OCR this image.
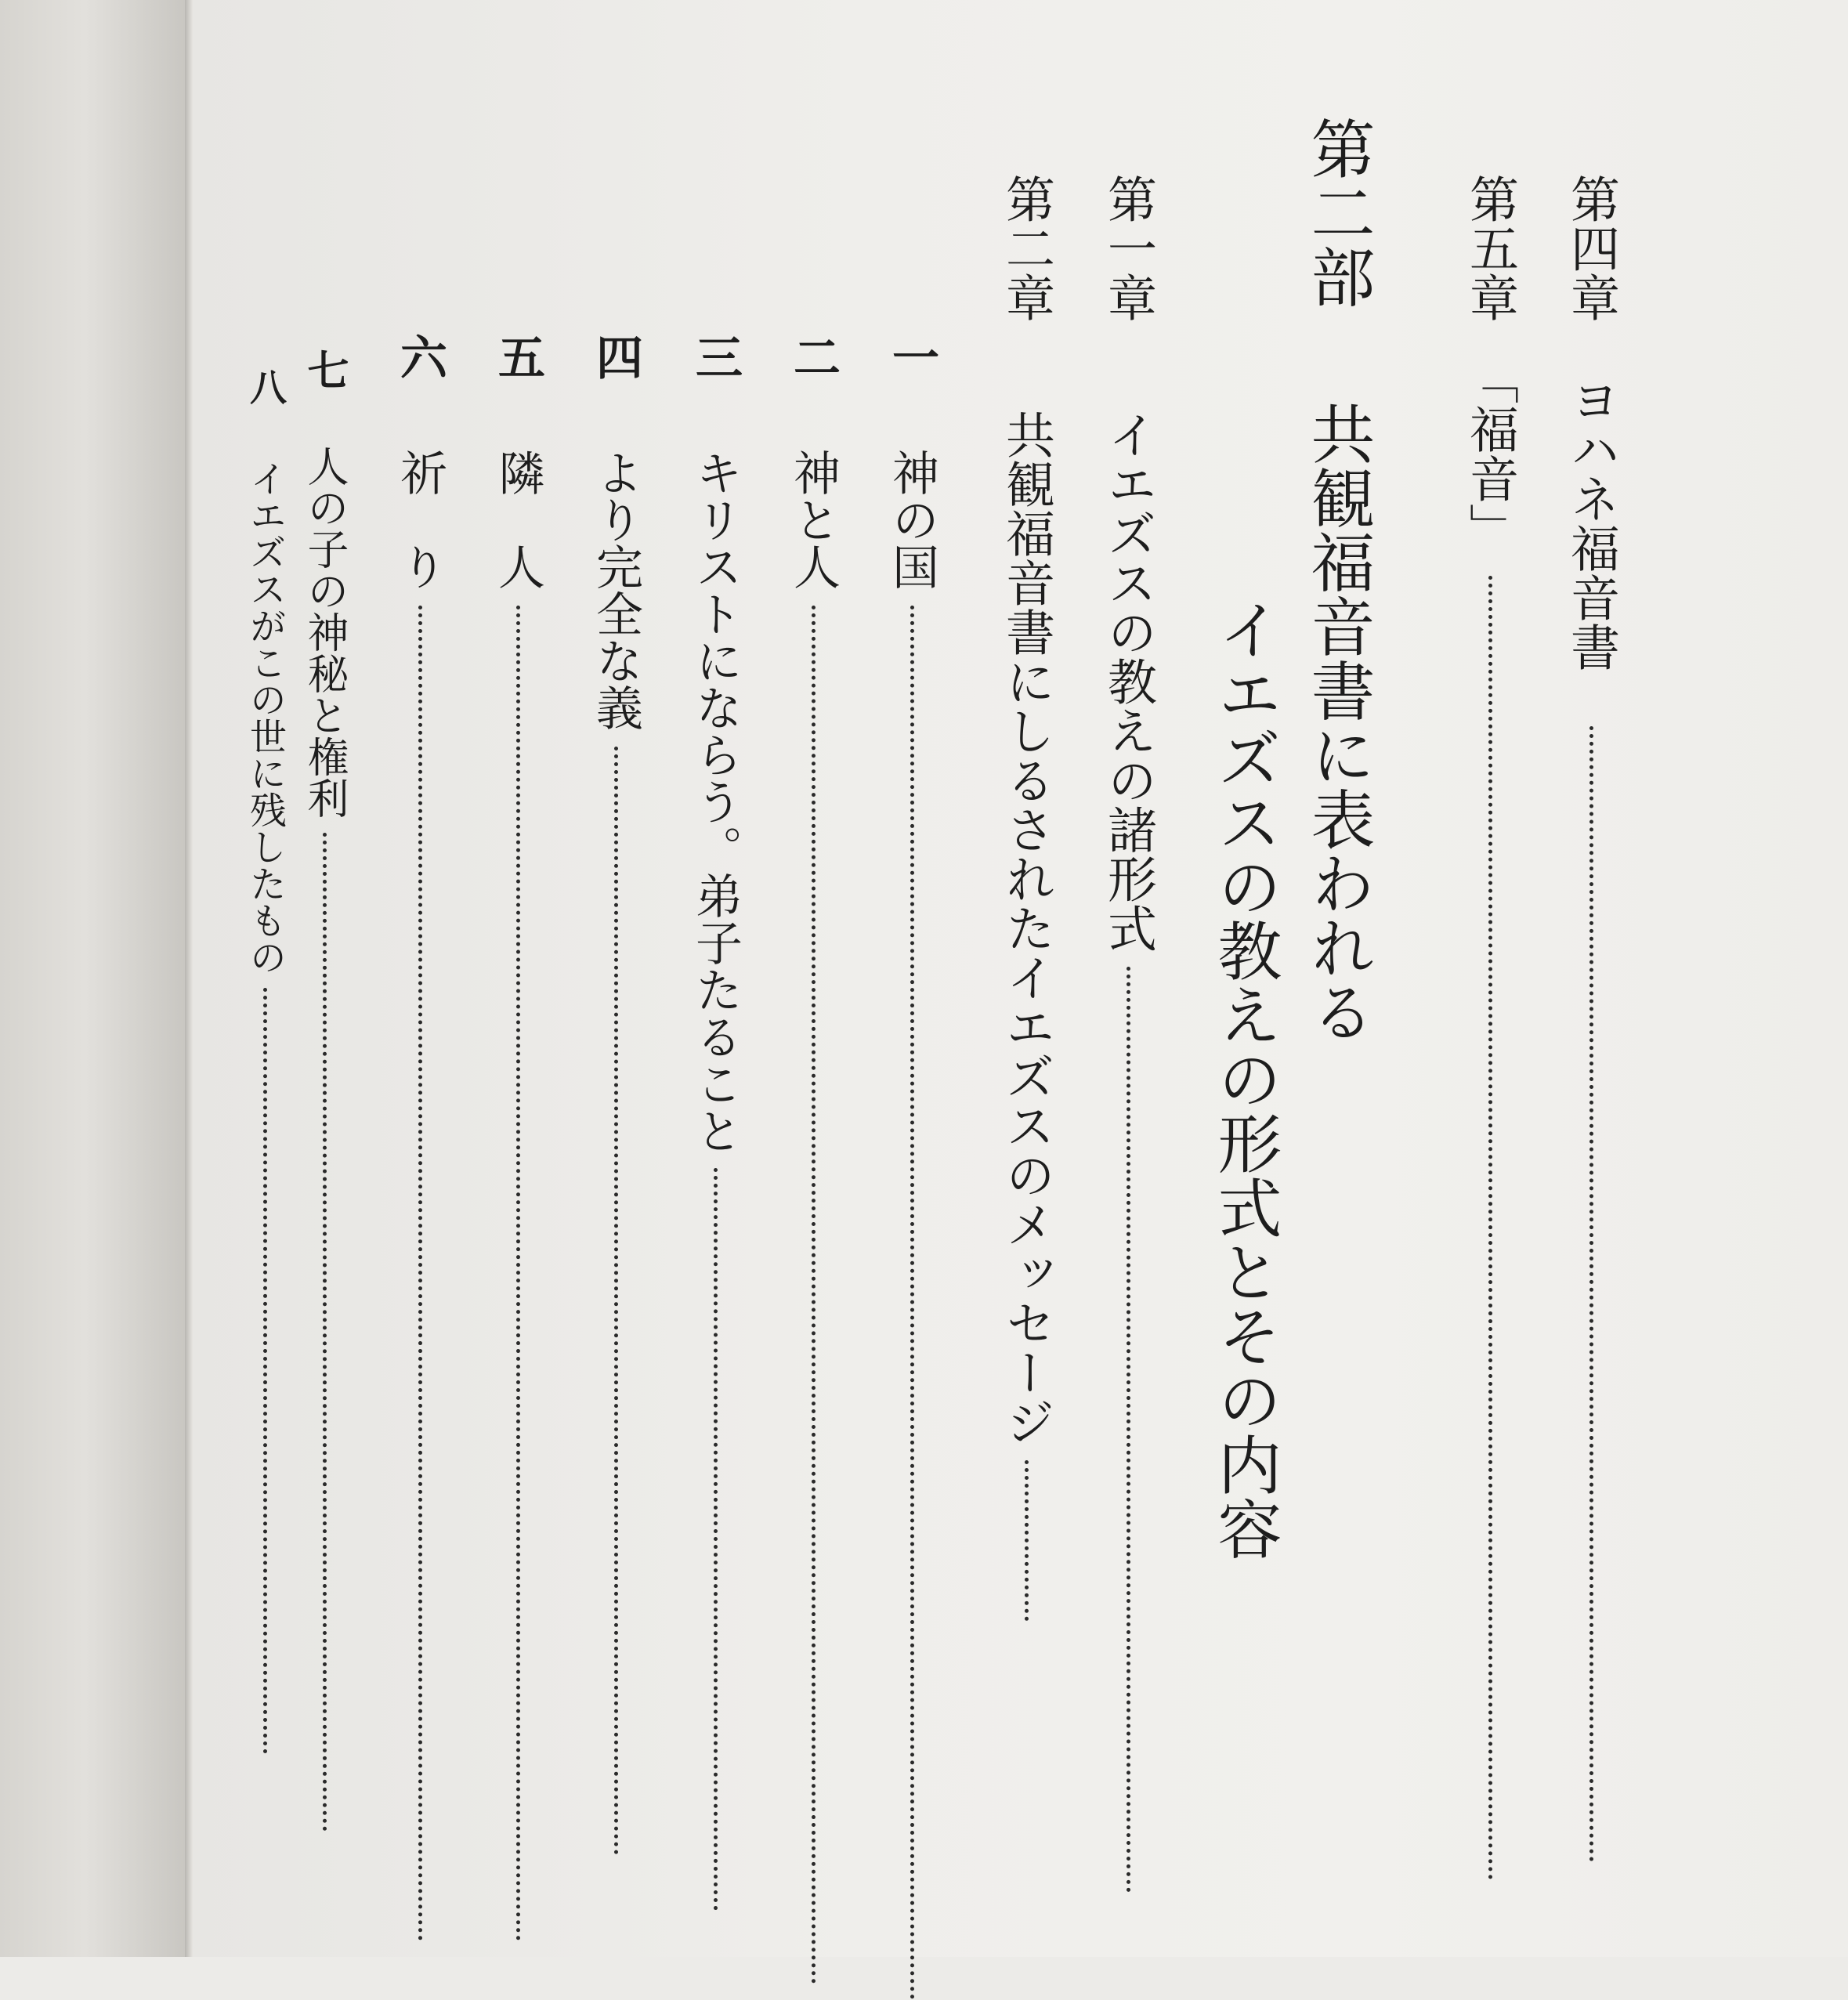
第四章ヨハネ福音書
第五章「福音」
第二部共観福音書に表われる
イエズスの教えの形式とその内容
第一章イエズスの教えの諸形式
第二章共観福音書にしるされたイエズスのメッセージ
一神の国
二神と人
三キリストにならう。弟子たること
四より完全な義
五隣　人
六祈　り
七人の子の神秘と権利
八イエズスがこの世に残したもの
